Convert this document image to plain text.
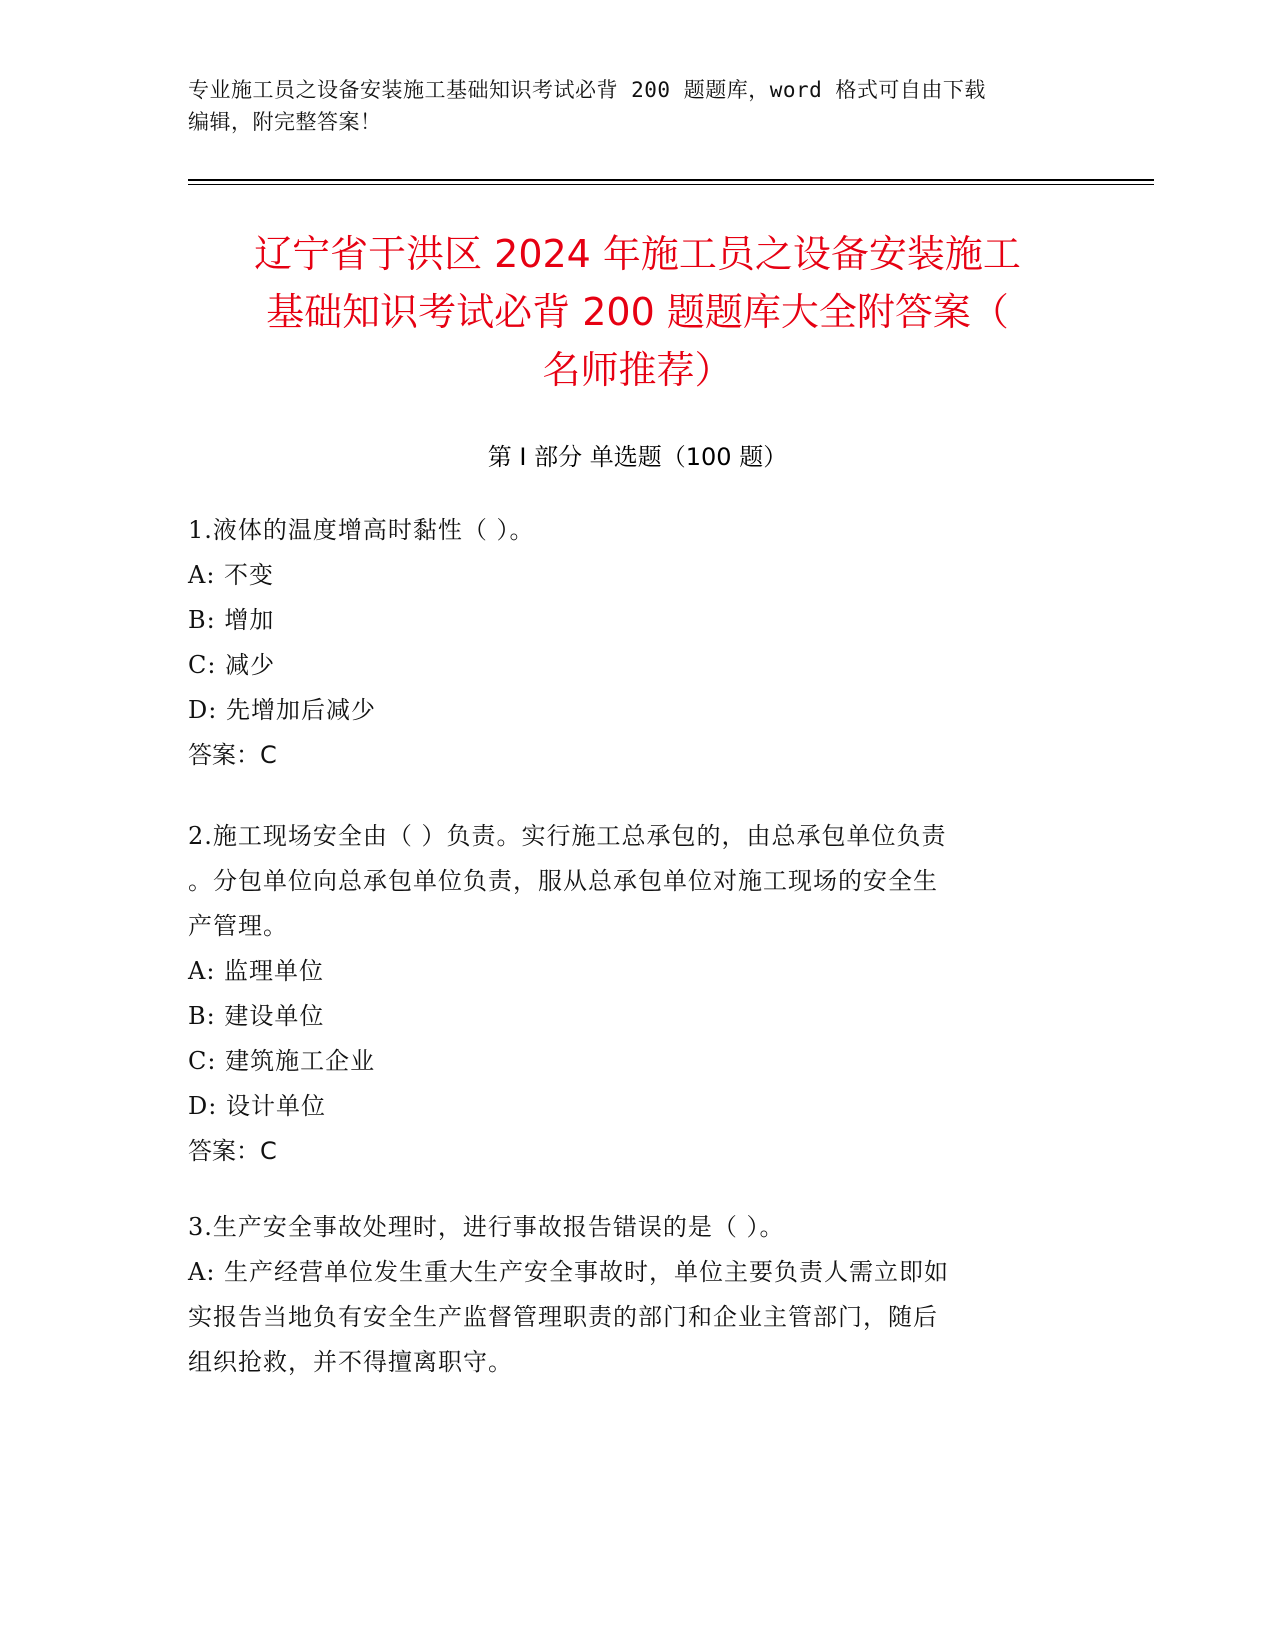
专业施工员之设备安装施工基础知识考试必背 200 题题库，word 格式可自由下载
编辑，附完整答案！
辽宁省于洪区 2024 年施工员之设备安装施工
基础知识考试必背 200 题题库大全附答案（
名师推荐）
第 I 部分 单选题（100 题）
1.液体的温度增高时黏性（ ）。
A: 不变
B: 增加
C: 减少
D: 先增加后减少
答案：C
2.施工现场安全由（ ）负责。实行施工总承包的，由总承包单位负责
。分包单位向总承包单位负责，服从总承包单位对施工现场的安全生
产管理。
A: 监理单位
B: 建设单位
C: 建筑施工企业
D: 设计单位
答案：C
3.生产安全事故处理时，进行事故报告错误的是（ ）。
A: 生产经营单位发生重大生产安全事故时，单位主要负责人需立即如
实报告当地负有安全生产监督管理职责的部门和企业主管部门，随后
组织抢救，并不得擅离职守。
